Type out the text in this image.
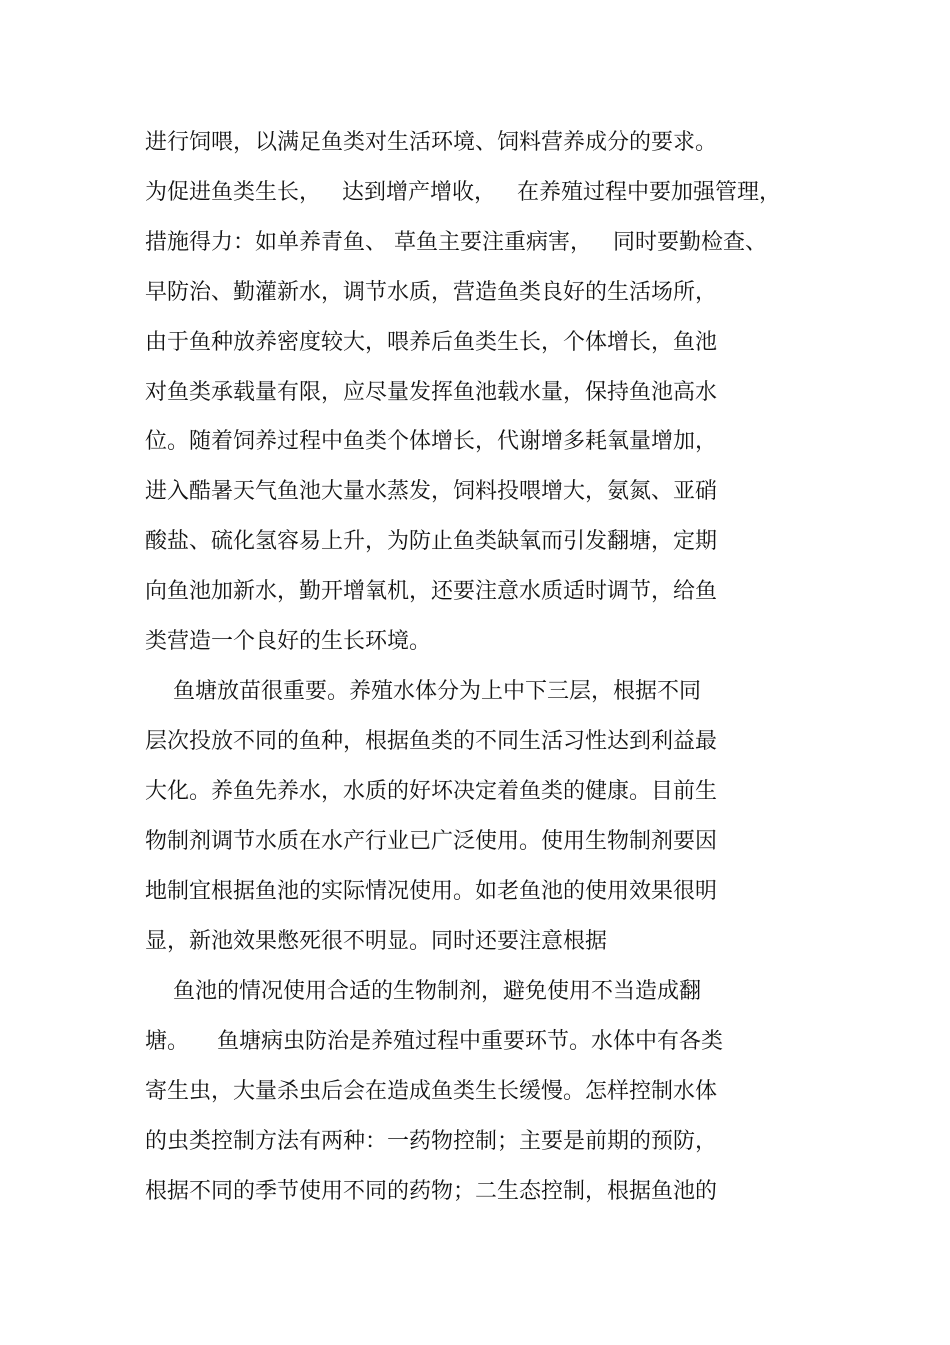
进行饲喂，以满足鱼类对生活环境、饲料营养成分的要求。
为促进鱼类生长，   达到增产增收，   在养殖过程中要加强管理，
措施得力：如单养青鱼、 草鱼主要注重病害，   同时要勤检查、
早防治、勤灌新水，调节水质，营造鱼类良好的生活场所，
由于鱼种放养密度较大，喂养后鱼类生长，个体增长，鱼池
对鱼类承载量有限，应尽量发挥鱼池载水量，保持鱼池高水
位。随着饲养过程中鱼类个体增长，代谢增多耗氧量增加，
进入酷暑天气鱼池大量水蒸发，饲料投喂增大，氨氮、亚硝
酸盐、硫化氢容易上升，为防止鱼类缺氧而引发翻塘，定期
向鱼池加新水，勤开增氧机，还要注意水质适时调节，给鱼
类营造一个良好的生长环境。
鱼塘放苗很重要。养殖水体分为上中下三层，根据不同
层次投放不同的鱼种，根据鱼类的不同生活习性达到利益最
大化。养鱼先养水，水质的好坏决定着鱼类的健康。目前生
物制剂调节水质在水产行业已广泛使用。使用生物制剂要因
地制宜根据鱼池的实际情况使用。如老鱼池的使用效果很明
显，新池效果憋死很不明显。同时还要注意根据
鱼池的情况使用合适的生物制剂，避免使用不当造成翻
塘。    鱼塘病虫防治是养殖过程中重要环节。水体中有各类
寄生虫，大量杀虫后会在造成鱼类生长缓慢。怎样控制水体
的虫类控制方法有两种：一药物控制；主要是前期的预防，
根据不同的季节使用不同的药物；二生态控制，根据鱼池的
